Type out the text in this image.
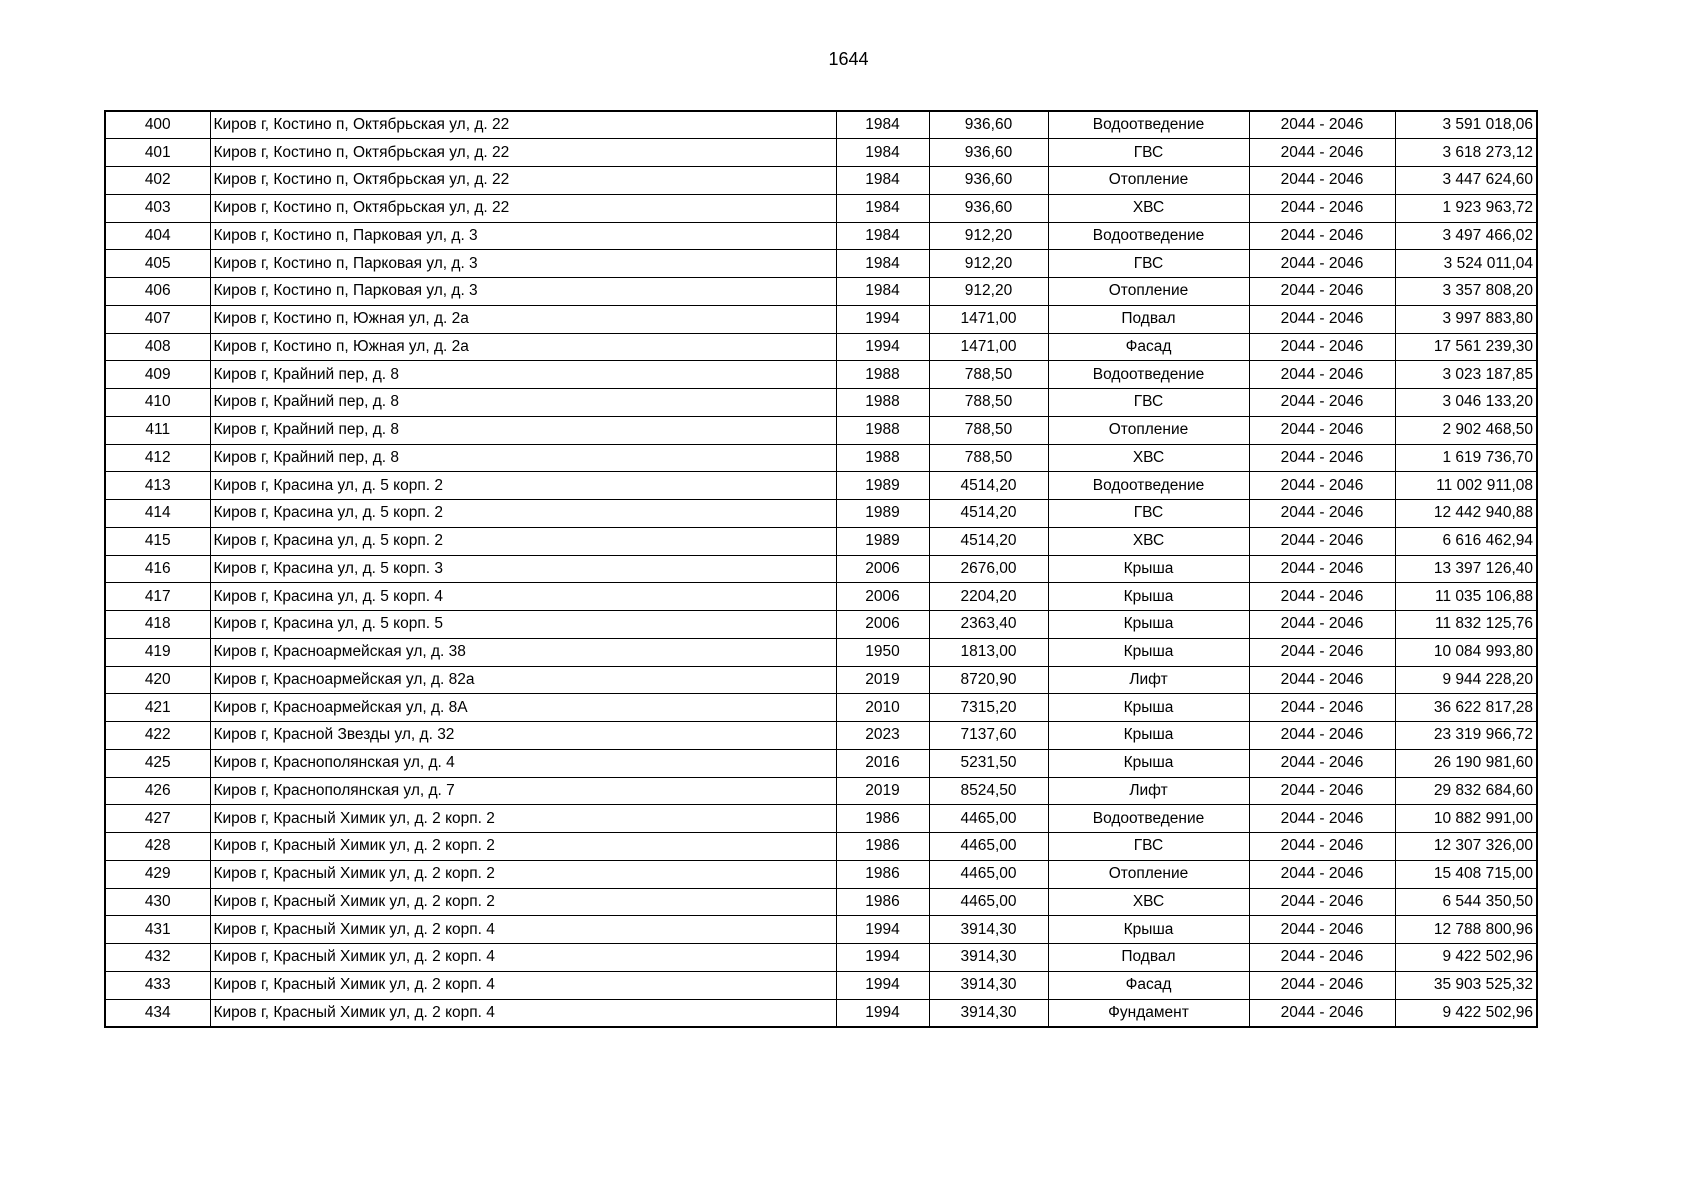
1644
400	Киров г, Костино п, Октябрьская ул, д. 22	1984	936,60	Водоотведение	2044 - 2046	3 591 018,06
401	Киров г, Костино п, Октябрьская ул, д. 22	1984	936,60	ГВС	2044 - 2046	3 618 273,12
402	Киров г, Костино п, Октябрьская ул, д. 22	1984	936,60	Отопление	2044 - 2046	3 447 624,60
403	Киров г, Костино п, Октябрьская ул, д. 22	1984	936,60	ХВС	2044 - 2046	1 923 963,72
404	Киров г, Костино п, Парковая ул, д. 3	1984	912,20	Водоотведение	2044 - 2046	3 497 466,02
405	Киров г, Костино п, Парковая ул, д. 3	1984	912,20	ГВС	2044 - 2046	3 524 011,04
406	Киров г, Костино п, Парковая ул, д. 3	1984	912,20	Отопление	2044 - 2046	3 357 808,20
407	Киров г, Костино п, Южная ул, д. 2а	1994	1471,00	Подвал	2044 - 2046	3 997 883,80
408	Киров г, Костино п, Южная ул, д. 2а	1994	1471,00	Фасад	2044 - 2046	17 561 239,30
409	Киров г, Крайний пер, д. 8	1988	788,50	Водоотведение	2044 - 2046	3 023 187,85
410	Киров г, Крайний пер, д. 8	1988	788,50	ГВС	2044 - 2046	3 046 133,20
411	Киров г, Крайний пер, д. 8	1988	788,50	Отопление	2044 - 2046	2 902 468,50
412	Киров г, Крайний пер, д. 8	1988	788,50	ХВС	2044 - 2046	1 619 736,70
413	Киров г, Красина ул, д. 5 корп. 2	1989	4514,20	Водоотведение	2044 - 2046	11 002 911,08
414	Киров г, Красина ул, д. 5 корп. 2	1989	4514,20	ГВС	2044 - 2046	12 442 940,88
415	Киров г, Красина ул, д. 5 корп. 2	1989	4514,20	ХВС	2044 - 2046	6 616 462,94
416	Киров г, Красина ул, д. 5 корп. 3	2006	2676,00	Крыша	2044 - 2046	13 397 126,40
417	Киров г, Красина ул, д. 5 корп. 4	2006	2204,20	Крыша	2044 - 2046	11 035 106,88
418	Киров г, Красина ул, д. 5 корп. 5	2006	2363,40	Крыша	2044 - 2046	11 832 125,76
419	Киров г, Красноармейская ул, д. 38	1950	1813,00	Крыша	2044 - 2046	10 084 993,80
420	Киров г, Красноармейская ул, д. 82а	2019	8720,90	Лифт	2044 - 2046	9 944 228,20
421	Киров г, Красноармейская ул, д. 8А	2010	7315,20	Крыша	2044 - 2046	36 622 817,28
422	Киров г, Красной Звезды ул, д. 32	2023	7137,60	Крыша	2044 - 2046	23 319 966,72
425	Киров г, Краснополянская ул, д. 4	2016	5231,50	Крыша	2044 - 2046	26 190 981,60
426	Киров г, Краснополянская ул, д. 7	2019	8524,50	Лифт	2044 - 2046	29 832 684,60
427	Киров г, Красный Химик ул, д. 2 корп. 2	1986	4465,00	Водоотведение	2044 - 2046	10 882 991,00
428	Киров г, Красный Химик ул, д. 2 корп. 2	1986	4465,00	ГВС	2044 - 2046	12 307 326,00
429	Киров г, Красный Химик ул, д. 2 корп. 2	1986	4465,00	Отопление	2044 - 2046	15 408 715,00
430	Киров г, Красный Химик ул, д. 2 корп. 2	1986	4465,00	ХВС	2044 - 2046	6 544 350,50
431	Киров г, Красный Химик ул, д. 2 корп. 4	1994	3914,30	Крыша	2044 - 2046	12 788 800,96
432	Киров г, Красный Химик ул, д. 2 корп. 4	1994	3914,30	Подвал	2044 - 2046	9 422 502,96
433	Киров г, Красный Химик ул, д. 2 корп. 4	1994	3914,30	Фасад	2044 - 2046	35 903 525,32
434	Киров г, Красный Химик ул, д. 2 корп. 4	1994	3914,30	Фундамент	2044 - 2046	9 422 502,96
